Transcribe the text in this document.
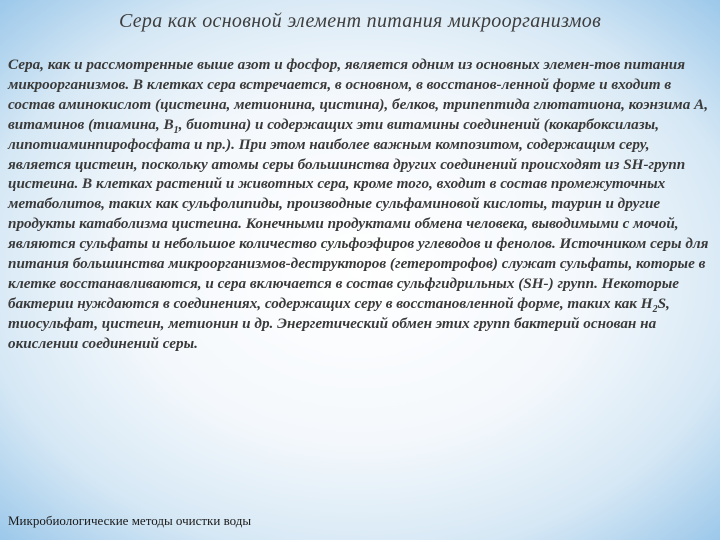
Сера как основной элемент питания микроорганизмов
Сера, как и рассмотренные выше азот и фосфор, является одним из основных элемен-тов питания микроорганизмов. В клетках сера встречается, в основном, в восстанов-ленной форме и входит в состав аминокислот (цистеина, метионина, цистина), белков, трипептида глютатиона, коэнзима А, витаминов (тиамина, $В_1$, биотина) и содержащих эти витамины соединений (кокарбоксилазы, липотиаминпирофосфата и пр.). При этом наиболее важным композитом, содержащим серу, является цистеин, поскольку атомы серы большинства других соединений происходят из SH-групп цистеина. В клетках растений и животных сера, кроме того, входит в состав промежуточных метаболитов, таких как сульфолипиды, производные сульфаминовой кислоты, таурин и другие продукты катаболизма цистеина. Конечными продуктами обмена человека, выводимыми с мочой, являются сульфаты и небольшое количество сульфоэфиров углеводов и фенолов. Источником серы для питания большинства микроорганизмов-деструкторов (гетеротрофов) служат сульфаты, которые в клетке восстанавливаются, и сера включается в состав сульфгидрильных (SH-) групп. Некоторые бактерии нуждаются в соединениях, содержащих серу в восстановленной форме, таких как $H_2S$, тиосульфат, цистеин, метионин и др. Энергетический обмен этих групп бактерий основан на окислении соединений серы.
Микробиологические методы очистки воды
